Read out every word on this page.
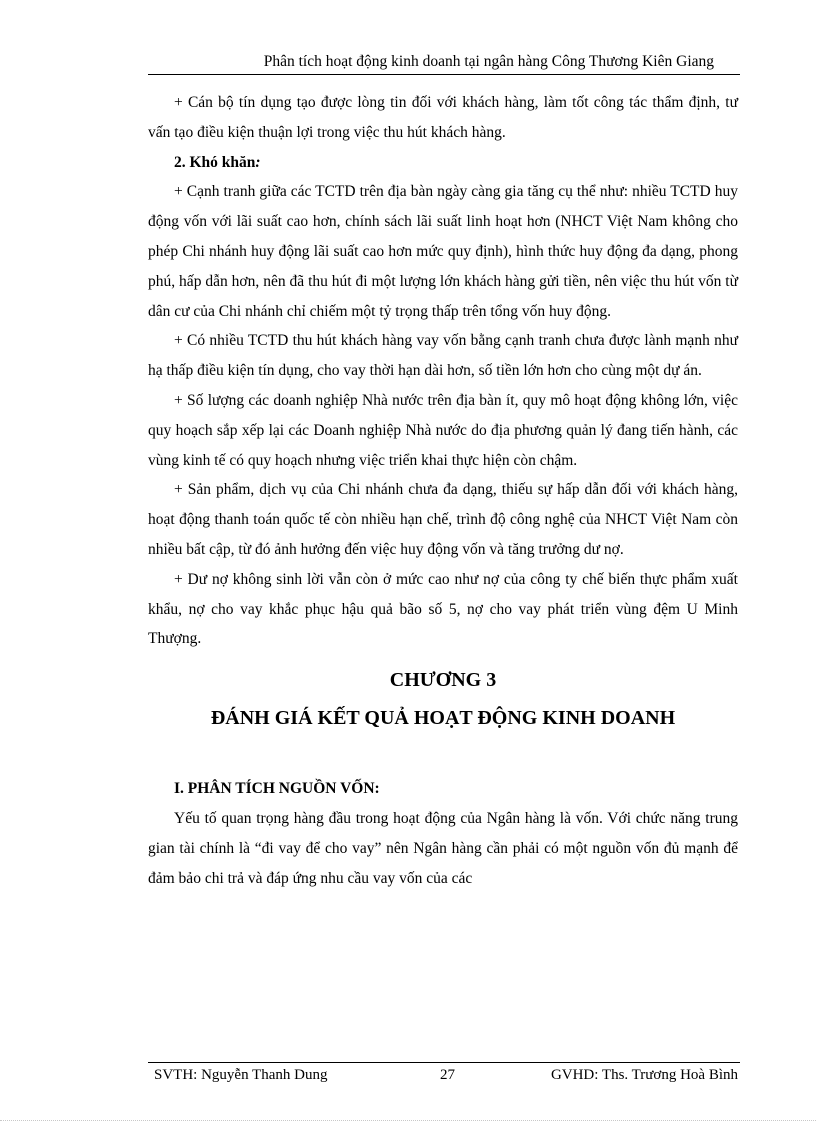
Phân tích hoạt động kinh doanh tại ngân hàng Công Thương Kiên Giang

+ Cán bộ tín dụng tạo được lòng tin đối với khách hàng, làm tốt công tác thẩm định, tư vấn tạo điều kiện thuận lợi trong việc thu hút khách hàng.

2. Khó khăn:

+ Cạnh tranh giữa các TCTD trên địa bàn ngày càng gia tăng cụ thể như: nhiều TCTD huy động vốn với lãi suất cao hơn, chính sách lãi suất linh hoạt hơn (NHCT Việt Nam không cho phép Chi nhánh huy động lãi suất cao hơn mức quy định), hình thức huy động đa dạng, phong phú, hấp dẫn hơn, nên đã thu hút đi một lượng lớn khách hàng gửi tiền, nên việc thu hút vốn từ dân cư của Chi nhánh chỉ chiếm một tỷ trọng thấp trên tổng vốn huy động.

+ Có nhiều TCTD thu hút khách hàng vay vốn bằng cạnh tranh chưa được lành mạnh như hạ thấp điều kiện tín dụng, cho vay thời hạn dài hơn, số tiền lớn hơn cho cùng một dự án.

+ Số lượng các doanh nghiệp Nhà nước trên địa bàn ít, quy mô hoạt động không lớn, việc quy hoạch sắp xếp lại các Doanh nghiệp Nhà nước do địa phương quản lý đang tiến hành, các vùng kinh tế có quy hoạch nhưng việc triển khai thực hiện còn chậm.

+ Sản phẩm, dịch vụ của Chi nhánh chưa đa dạng, thiếu sự hấp dẫn đối với khách hàng, hoạt động thanh toán quốc tế còn nhiều hạn chế, trình độ công nghệ của NHCT Việt Nam còn nhiều bất cập, từ đó ảnh hưởng đến việc huy động vốn và tăng trưởng dư nợ.

+ Dư nợ không sinh lời vẫn còn ở mức cao như nợ của công ty chế biến thực phẩm xuất khẩu, nợ cho vay khắc phục hậu quả bão số 5, nợ cho vay phát triển vùng đệm U Minh Thượng.

CHƯƠNG 3
ĐÁNH GIÁ KẾT QUẢ HOẠT ĐỘNG KINH DOANH
I. PHÂN TÍCH NGUỒN VỐN:

Yếu tố quan trọng hàng đầu trong hoạt động của Ngân hàng là vốn. Với chức năng trung gian tài chính là “đi vay để cho vay” nên Ngân hàng cần phải có một nguồn vốn đủ mạnh để đảm bảo chi trả và đáp ứng nhu cầu vay vốn của các

SVTH: Nguyễn Thanh Dung	27	GVHD: Ths. Trương Hoà Bình
